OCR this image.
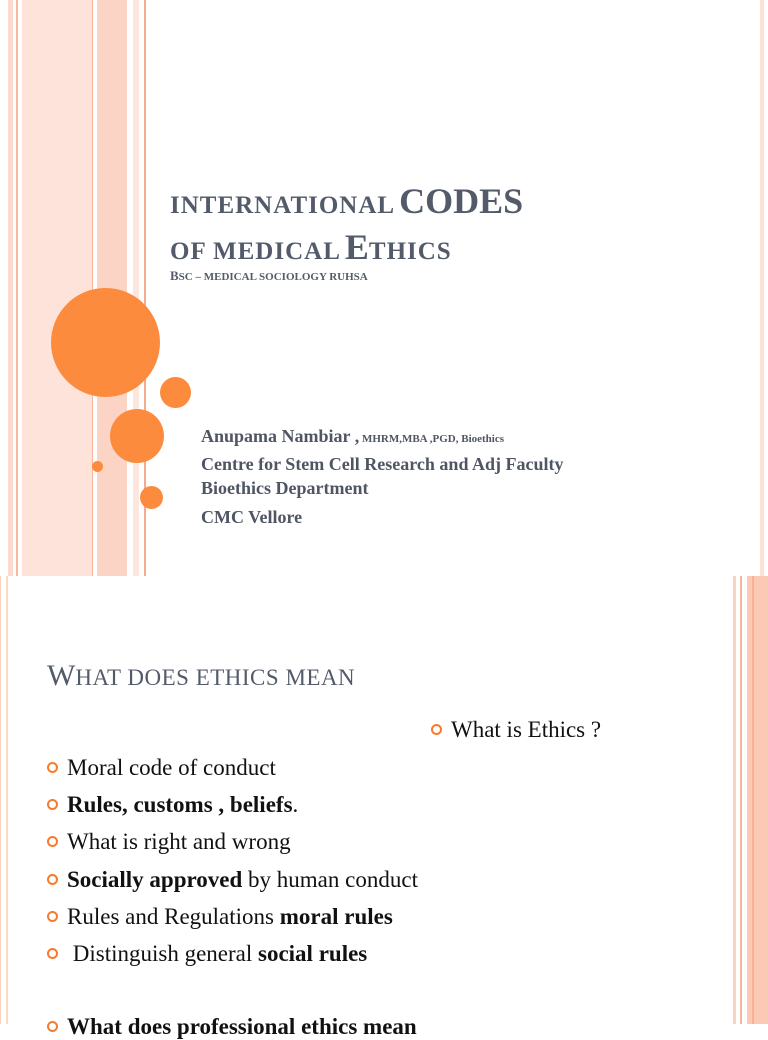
INTERNATIONAL CODES
OF MEDICAL ETHICS
BSC – MEDICAL SOCIOLOGY RUHSA
Anupama Nambiar , MHRM,MBA ,PGD, Bioethics
Centre for Stem Cell Research and Adj Faculty
Bioethics Department
CMC Vellore
WHAT DOES ETHICS MEAN
What is Ethics ?
Moral code of conduct
Rules, customs , beliefs.
What is right and wrong
Socially approved by human conduct
Rules and Regulations moral rules
Distinguish general social rules
What does professional ethics mean
